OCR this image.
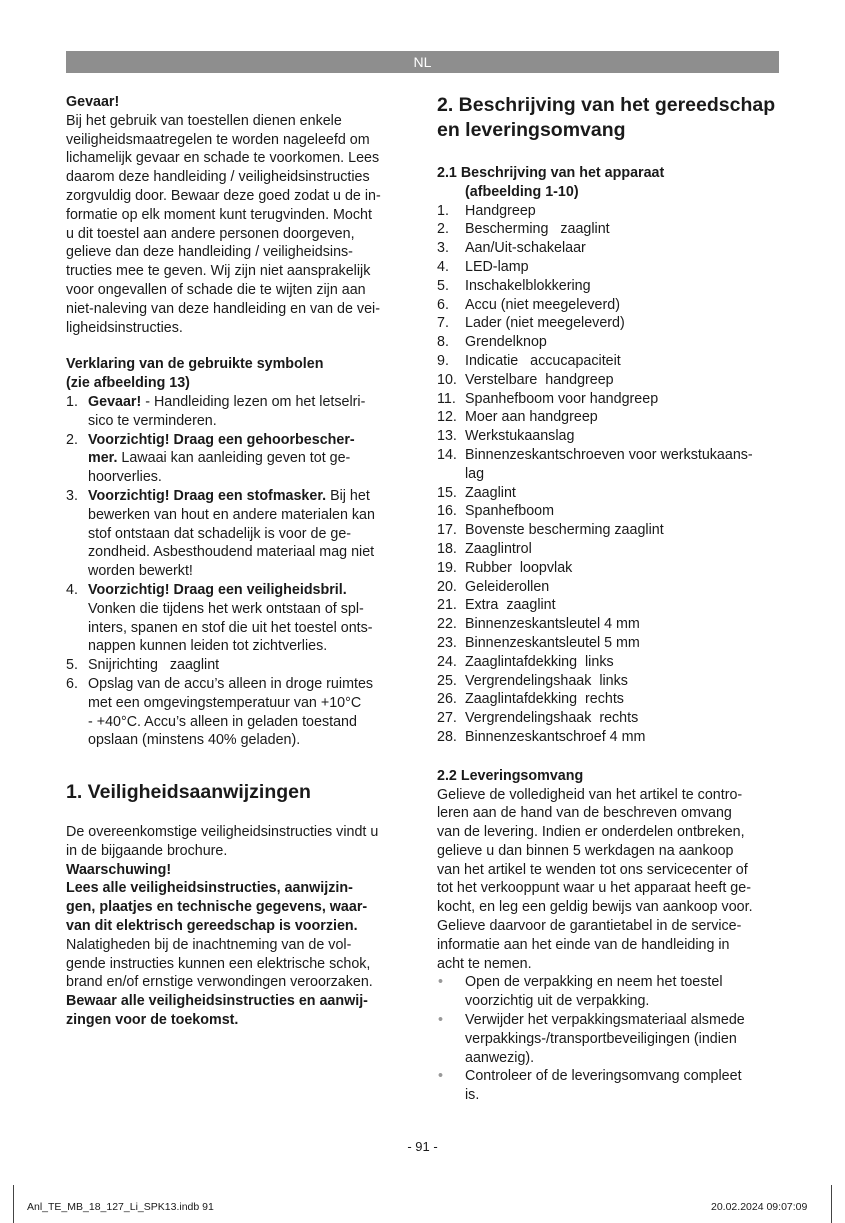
NL

Gevaar!

Bij het gebruik van toestellen dienen enkele
veiligheidsmaatregelen te worden nageleefd om
lichamelijk gevaar en schade te voorkomen. Lees
daarom deze handleiding / veiligheidsinstructies
zorgvuldig door. Bewaar deze goed zodat u de in-
formatie op elk moment kunt terugvinden. Mocht
u dit toestel aan andere personen doorgeven,
gelieve dan deze handleiding / veiligheidsins-
tructies mee te geven. Wij zijn niet aansprakelijk
voor ongevallen of schade die te wijten zijn aan
niet-naleving van deze handleiding en van de vei-
ligheidsinstructies.
Verklaring van de gebruikte symbolen
(zie afbeelding 13)
1. Gevaar! - Handleiding lezen om het letselri-
sico te verminderen.
2. Voorzichtig! Draag een gehoorbescher-
mer. Lawaai kan aanleiding geven tot ge-
hoorverlies.
3. Voorzichtig! Draag een stofmasker. Bij het
bewerken van hout en andere materialen kan
stof ontstaan dat schadelijk is voor de ge-
zondheid. Asbesthoudend materiaal mag niet
worden bewerkt!
4. Voorzichtig! Draag een veiligheidsbril.
Vonken die tijdens het werk ontstaan of spl-
inters, spanen en stof die uit het toestel onts-
nappen kunnen leiden tot zichtverlies.
5. Snijrichting   zaaglint
6. Opslag van de accu’s alleen in droge ruimtes
met een omgevingstemperatuur van +10°C
- +40°C. Accu’s alleen in geladen toestand
opslaan (minstens 40% geladen).

1. Veiligheidsaanwijzingen

De overeenkomstige veiligheidsinstructies vindt u
in de bijgaande brochure.

Waarschuwing!

Lees alle veiligheidsinstructies, aanwijzin-
gen, plaatjes en technische gegevens, waar-
van dit elektrisch gereedschap is voorzien.
Nalatigheden bij de inachtneming van de vol-
gende instructies kunnen een elektrische schok,
brand en/of ernstige verwondingen veroorzaken.
Bewaar alle veiligheidsinstructies en aanwij-
zingen voor de toekomst.
2. Beschrijving van het gereedschap
en leveringsomvang
2.1 Beschrijving van het apparaat
(afbeelding 1-10)
1.	Handgreep
2.	Bescherming   zaaglint
3.	Aan/Uit-schakelaar
4.	LED-lamp
5.	Inschakelblokkering
6.	Accu (niet meegeleverd)
7.	Lader (niet meegeleverd)
8.	Grendelknop
9.	Indicatie   accucapaciteit
10. Verstelbare  handgreep
11. Spanhefboom voor handgreep
12. Moer aan handgreep
13. Werkstukaanslag
14. Binnenzeskantschroeven voor werkstukaans-
lag
15. Zaaglint
16. Spanhefboom
17. Bovenste bescherming zaaglint
18. Zaaglintrol
19. Rubber  loopvlak
20. Geleiderollen
21. Extra  zaaglint
22. Binnenzeskantsleutel 4 mm
23. Binnenzeskantsleutel 5 mm
24. Zaaglintafdekking  links
25. Vergrendelingshaak  links
26. Zaaglintafdekking  rechts
27. Vergrendelingshaak  rechts
28. Binnenzeskantschroef 4 mm

2.2 Leveringsomvang

Gelieve de volledigheid van het artikel te contro-
leren aan de hand van de beschreven omvang
van de levering. Indien er onderdelen ontbreken,
gelieve u dan binnen 5 werkdagen na aankoop
van het artikel te wenden tot ons servicecenter of
tot het verkooppunt waar u het apparaat heeft ge-
kocht, en leg een geldig bewijs van aankoop voor.
Gelieve daarvoor de garantietabel in de service-
informatie aan het einde van de handleiding in
acht te nemen.
•	Open de verpakking en neem het toestel
voorzichtig uit de verpakking.
•	Verwijder het verpakkingsmateriaal alsmede
verpakkings-/transportbeveiligingen (indien
aanwezig).
•	Controleer of de leveringsomvang compleet
is.
- 91 -
Anl_TE_MB_18_127_Li_SPK13.indb 91	20.02.2024 09:07:09
